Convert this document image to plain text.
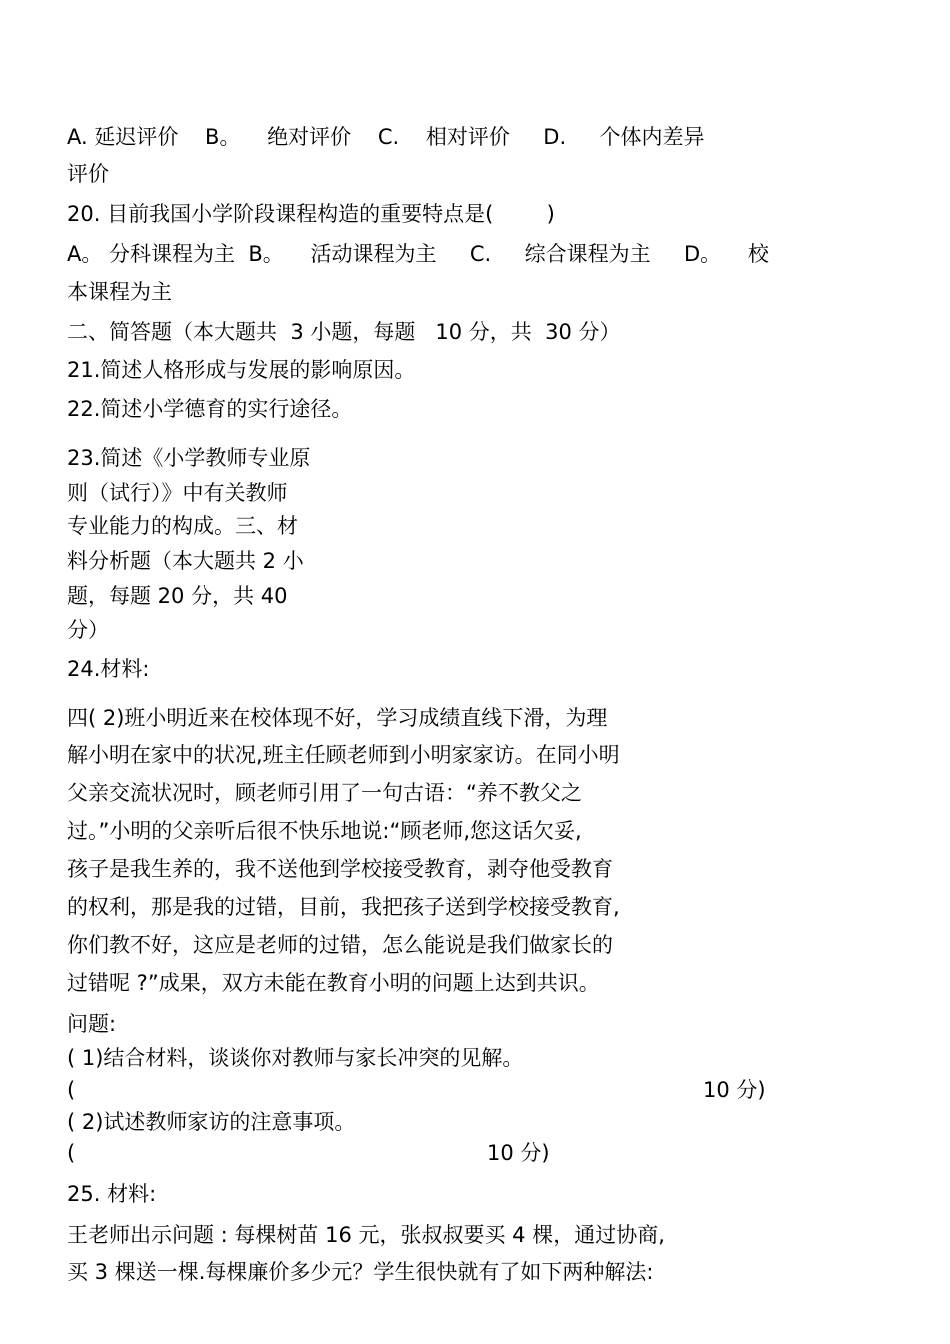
A. 延迟评价    B。    绝对评价    C.    相对评价     D.     个体内差异
评价
20. 目前我国小学阶段课程构造的重要特点是(        )
A。 分科课程为主  B。    活动课程为主     C.     综合课程为主     D。    校
本课程为主
二、简答题（本大题共  3 小题，每题   10 分，共  30 分）
21.简述人格形成与发展的影响原因。
22.简述小学德育的实行途径。
23.简述《小学教师专业原
则（试行）》中有关教师
专业能力的构成。三、材
料分析题（本大题共 2 小
题，每题 20 分，共 40
分）
24.材料:
四( 2)班小明近来在校体现不好，学习成绩直线下滑，为理
解小明在家中的状况,班主任顾老师到小明家家访。在同小明
父亲交流状况时，顾老师引用了一句古语：“养不教父之
过。”小明的父亲听后很不快乐地说:“顾老师,您这话欠妥,
孩子是我生养的，我不送他到学校接受教育，剥夺他受教育
的权利，那是我的过错，目前，我把孩子送到学校接受教育,
你们教不好，这应是老师的过错，怎么能说是我们做家长的
过错呢 ?”成果，双方未能在教育小明的问题上达到共识。
问题:
( 1)结合材料，谈谈你对教师与家长冲突的见解。
(	10 分)
( 2)试述教师家访的注意事项。
(	10 分)
25. 材料:
王老师出示问题 : 每棵树苗 16 元，张叔叔要买 4 棵，通过协商,
买 3 棵送一棵.每棵廉价多少元？学生很快就有了如下两种解法:
